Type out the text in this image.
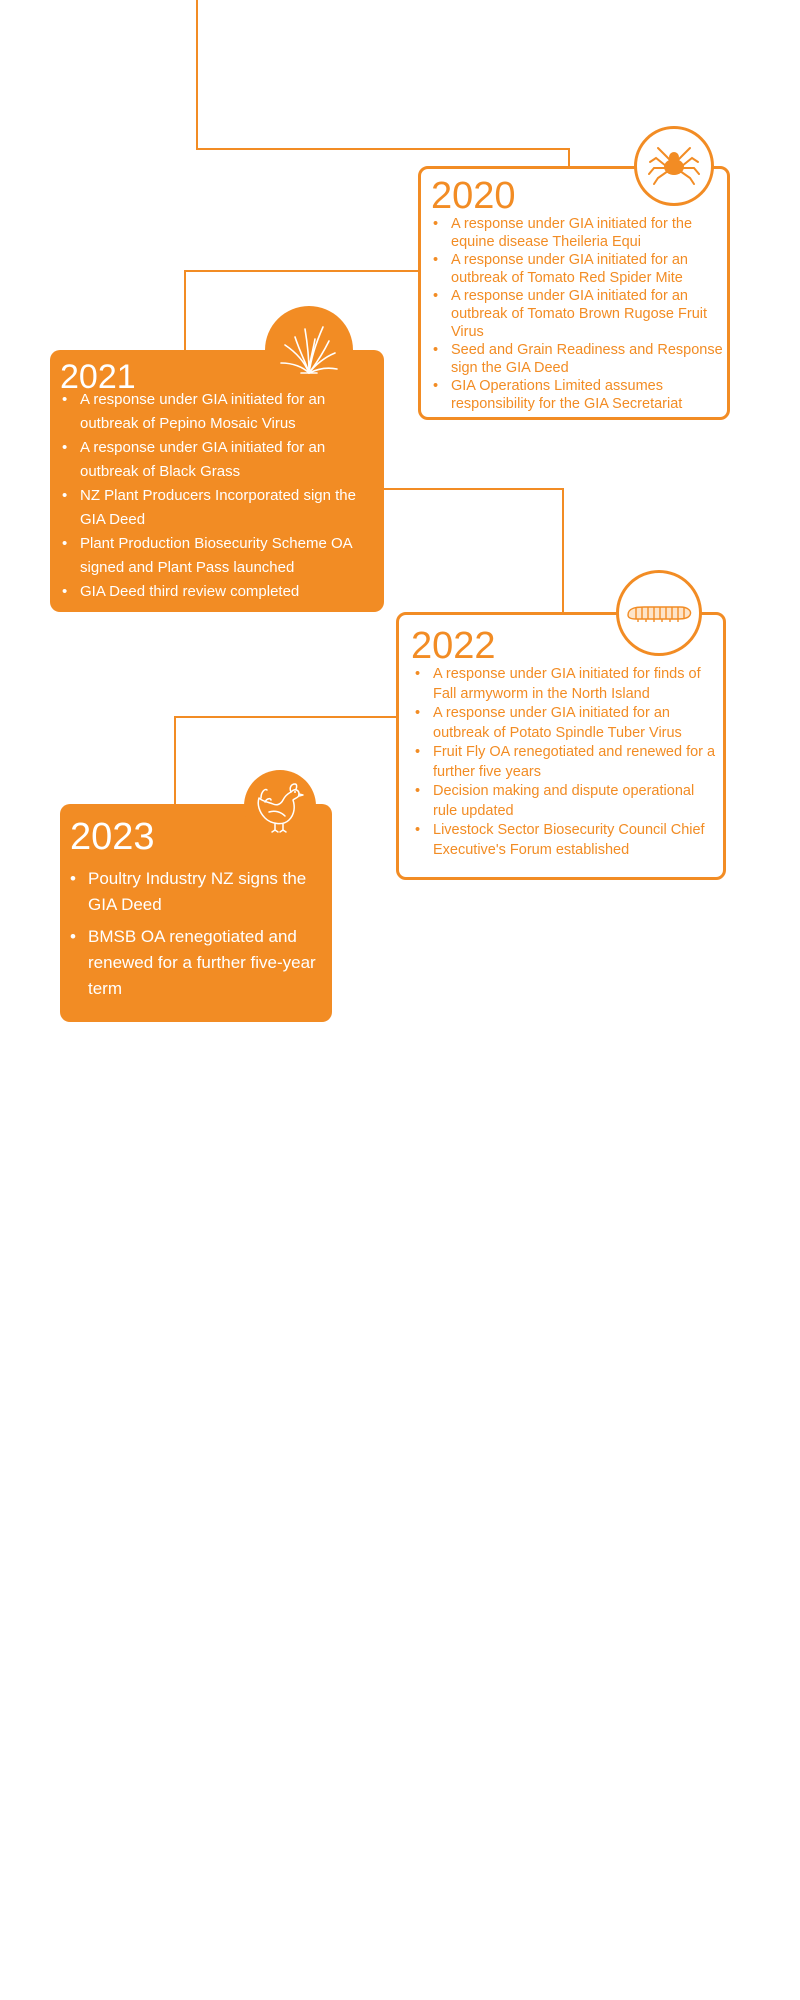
2020
• A response under GIA initiated for the equine disease Theileria Equi
• A response under GIA initiated for an outbreak of Tomato Red Spider Mite
• A response under GIA initiated for an outbreak of Tomato Brown Rugose Fruit Virus
• Seed and Grain Readiness and Response sign the GIA Deed
• GIA Operations Limited assumes responsibility for the GIA Secretariat
2021
• A response under GIA initiated for an outbreak of Pepino Mosaic Virus
• A response under GIA initiated for an outbreak of Black Grass
• NZ Plant Producers Incorporated sign the GIA Deed
• Plant Production Biosecurity Scheme OA signed and Plant Pass launched
• GIA Deed third review completed
2022
• A response under GIA initiated for finds of Fall armyworm in the North Island
• A response under GIA initiated for an outbreak of Potato Spindle Tuber Virus
• Fruit Fly OA renegotiated and renewed for a further five years
• Decision making and dispute operational rule updated
• Livestock Sector Biosecurity Council Chief Executive's Forum established
2023
• Poultry Industry NZ signs the GIA Deed
• BMSB OA renegotiated and renewed for a further five-year term
